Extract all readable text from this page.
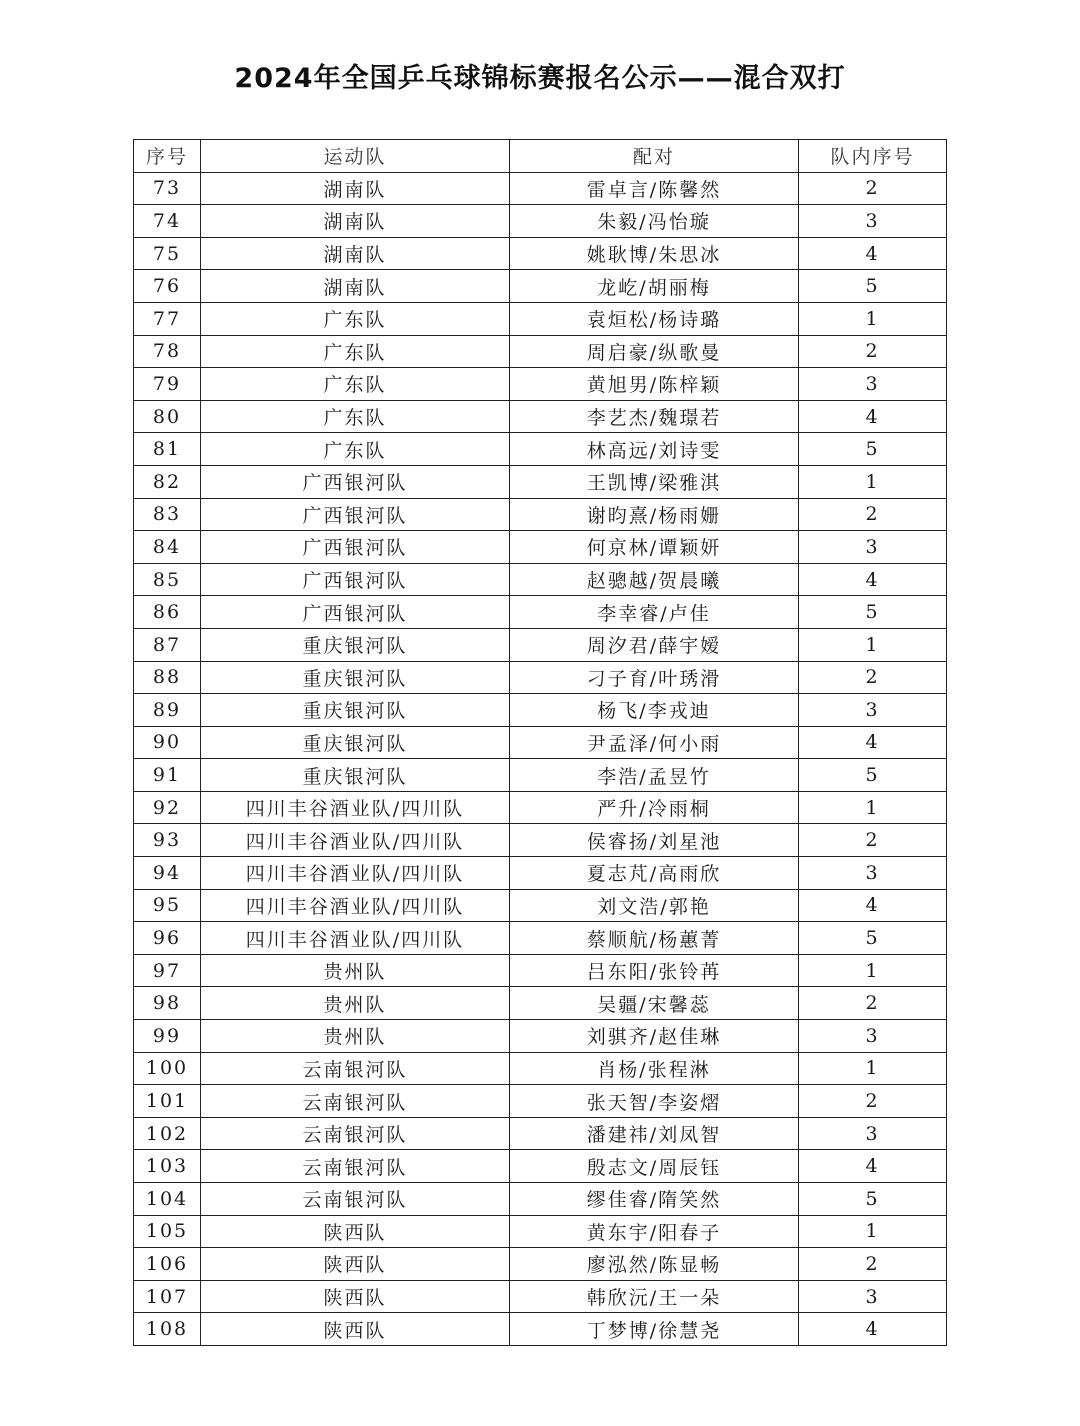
2024年全国乒乓球锦标赛报名公示——混合双打
序号	运动队	配对	队内序号
73	湖南队	雷卓言/陈馨然	2
74	湖南队	朱毅/冯怡璇	3
75	湖南队	姚耿博/朱思冰	4
76	湖南队	龙屹/胡丽梅	5
77	广东队	袁烜松/杨诗璐	1
78	广东队	周启豪/纵歌曼	2
79	广东队	黄旭男/陈梓颖	3
80	广东队	李艺杰/魏璟若	4
81	广东队	林高远/刘诗雯	5
82	广西银河队	王凯博/梁雅淇	1
83	广西银河队	谢昀熹/杨雨姗	2
84	广西银河队	何京林/谭颖妍	3
85	广西银河队	赵骢越/贺晨曦	4
86	广西银河队	李幸睿/卢佳	5
87	重庆银河队	周汐君/薛宇嫒	1
88	重庆银河队	刁子育/叶琇滑	2
89	重庆银河队	杨飞/李戎迪	3
90	重庆银河队	尹孟泽/何小雨	4
91	重庆银河队	李浩/孟昱竹	5
92	四川丰谷酒业队/四川队	严升/冷雨桐	1
93	四川丰谷酒业队/四川队	侯睿扬/刘星池	2
94	四川丰谷酒业队/四川队	夏志芃/高雨欣	3
95	四川丰谷酒业队/四川队	刘文浩/郭艳	4
96	四川丰谷酒业队/四川队	蔡顺航/杨蕙菁	5
97	贵州队	吕东阳/张铃苒	1
98	贵州队	吴疆/宋馨蕊	2
99	贵州队	刘骐齐/赵佳琳	3
100	云南银河队	肖杨/张程淋	1
101	云南银河队	张天智/李姿熠	2
102	云南银河队	潘建祎/刘凤智	3
103	云南银河队	殷志文/周辰钰	4
104	云南银河队	缪佳睿/隋笑然	5
105	陕西队	黄东宇/阳春子	1
106	陕西队	廖泓然/陈显畅	2
107	陕西队	韩欣沅/王一朵	3
108	陕西队	丁梦博/徐慧尧	4
